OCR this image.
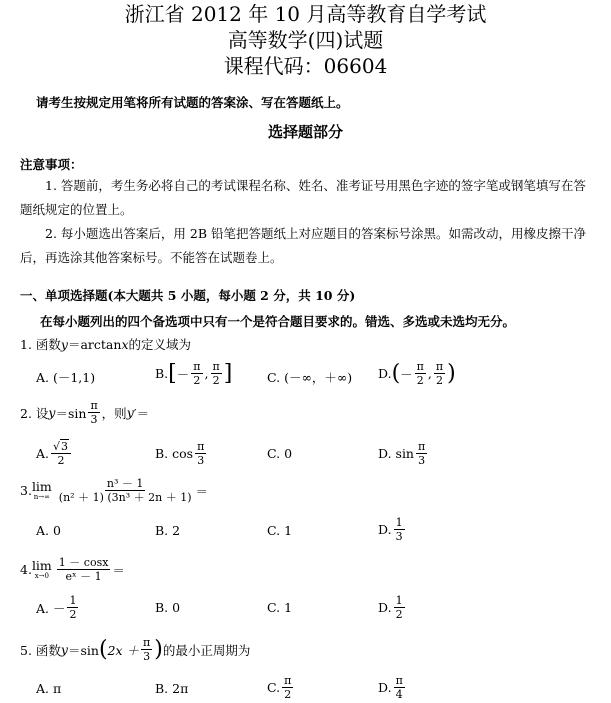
浙江省 2012 年 10 月高等教育自学考试
高等数学(四)试题
课程代码：06604
请考生按规定用笔将所有试题的答案涂、写在答题纸上。
选择题部分
注意事项：
1. 答题前，考生务必将自己的考试课程名称、姓名、准考证号用黑色字迹的签字笔或钢笔填写在答题纸规定的位置上。
2. 每小题选出答案后，用 2B 铅笔把答题纸上对应题目的答案标号涂黑。如需改动，用橡皮擦干净后，再选涂其他答案标号。不能答在试题卷上。
一、单项选择题(本大题共 5 小题，每小题 2 分，共 10 分)
在每小题列出的四个备选项中只有一个是符合题目要求的。错选、多选或未选均无分。
1. 函数 y ＝arctan x 的定义域为
A. (－1,1)	B. [ － $\frac{\pi}{2}$ , $\frac{\pi}{2}$ ]	C. (－∞，＋∞) D. ( － $\frac{\pi}{2}$ , $\frac{\pi}{2}$ )
2. 设 $y =\sin \frac{\pi}{3}$ ，则 y ′＝
A. $\frac{√3}{2}$	B. $\cos \frac{\pi}{3}$	C. 0	D. $\sin \frac{\pi}{3}$
3. lim
$n\to\infty \frac{\text{n³ － 1}}{\text{(n² ＋ 1) (3n³ ＋ 2n ＋ 1)}}$ ＝
A. 0	B. 2	C. 1	D. $\frac{1}{3}$
4. lim
$x\to 0 \frac{1 - \cos x}{\text{eˣ － 1}}$ ＝
A. － $\frac{1}{2}$	B. 0	C. 1	D. $\frac{1}{2}$
5. 函数 y ＝sin ( $2x + \frac{\pi}{3}$ ) 的最小正周期为
A. π	B. 2π	C. $\frac{\pi}{2}$	D. $\frac{\pi}{4}$
